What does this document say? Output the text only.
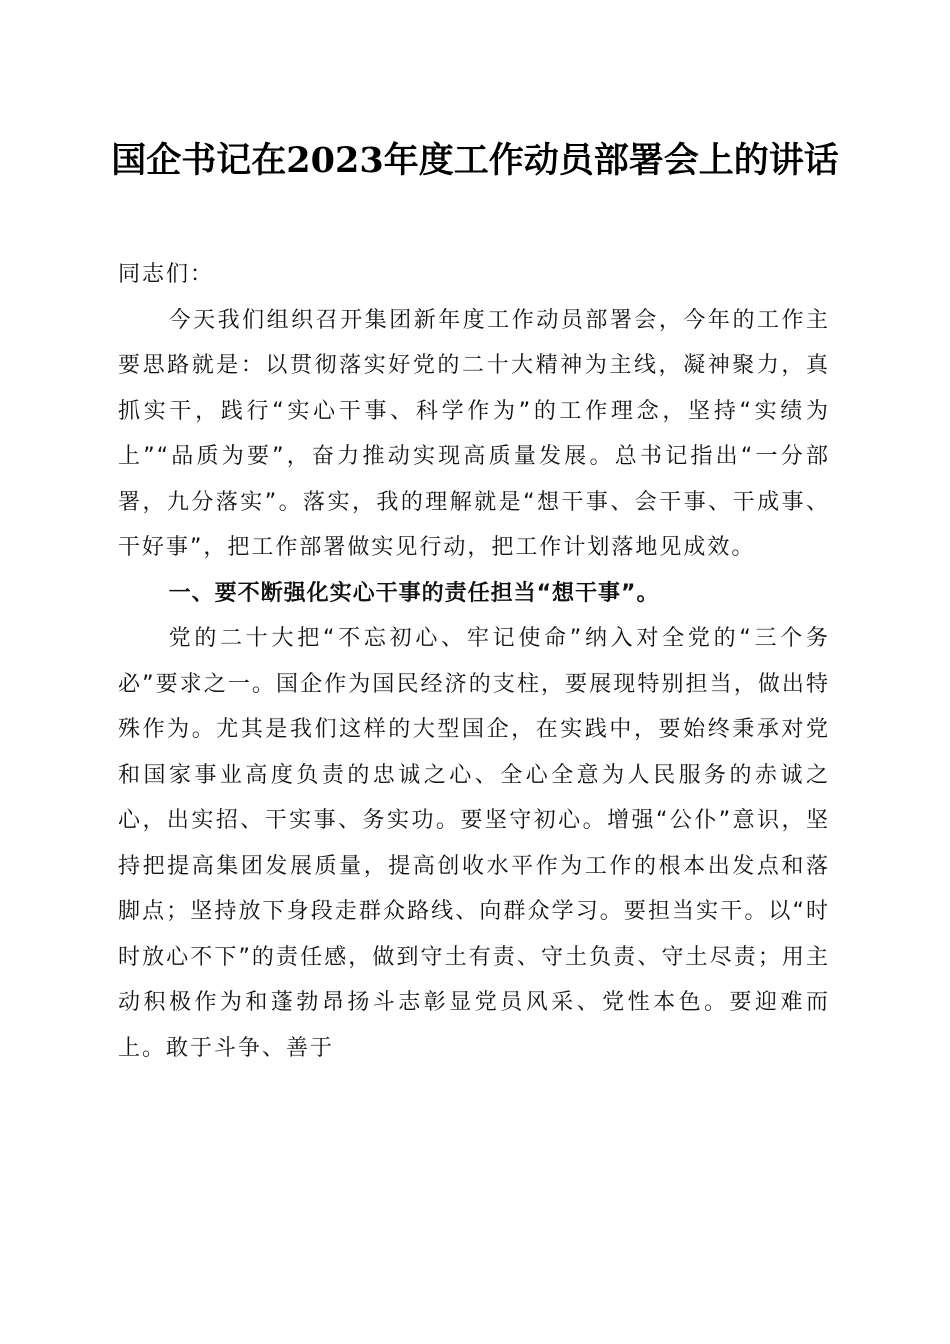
国企书记在2023年度工作动员部署会上的讲话

同志们：

今天我们组织召开集团新年度工作动员部署会，今年的工作主要思路就是：以贯彻落实好党的二十大精神为主线，凝神聚力，真抓实干，践行“实心干事、科学作为”的工作理念，坚持“实绩为上”“品质为要”，奋力推动实现高质量发展。总书记指出“一分部署，九分落实”。落实，我的理解就是“想干事、会干事、干成事、干好事”，把工作部署做实见行动，把工作计划落地见成效。

一、要不断强化实心干事的责任担当“想干事”。

党的二十大把“不忘初心、牢记使命”纳入对全党的“三个务必”要求之一。国企作为国民经济的支柱，要展现特别担当，做出特殊作为。尤其是我们这样的大型国企，在实践中，要始终秉承对党和国家事业高度负责的忠诚之心、全心全意为人民服务的赤诚之心，出实招、干实事、务实功。要坚守初心。增强“公仆”意识，坚持把提高集团发展质量，提高创收水平作为工作的根本出发点和落脚点；坚持放下身段走群众路线、向群众学习。要担当实干。以“时时放心不下”的责任感，做到守土有责、守土负责、守土尽责；用主动积极作为和蓬勃昂扬斗志彰显党员风采、党性本色。要迎难而上。敢于斗争、善于
